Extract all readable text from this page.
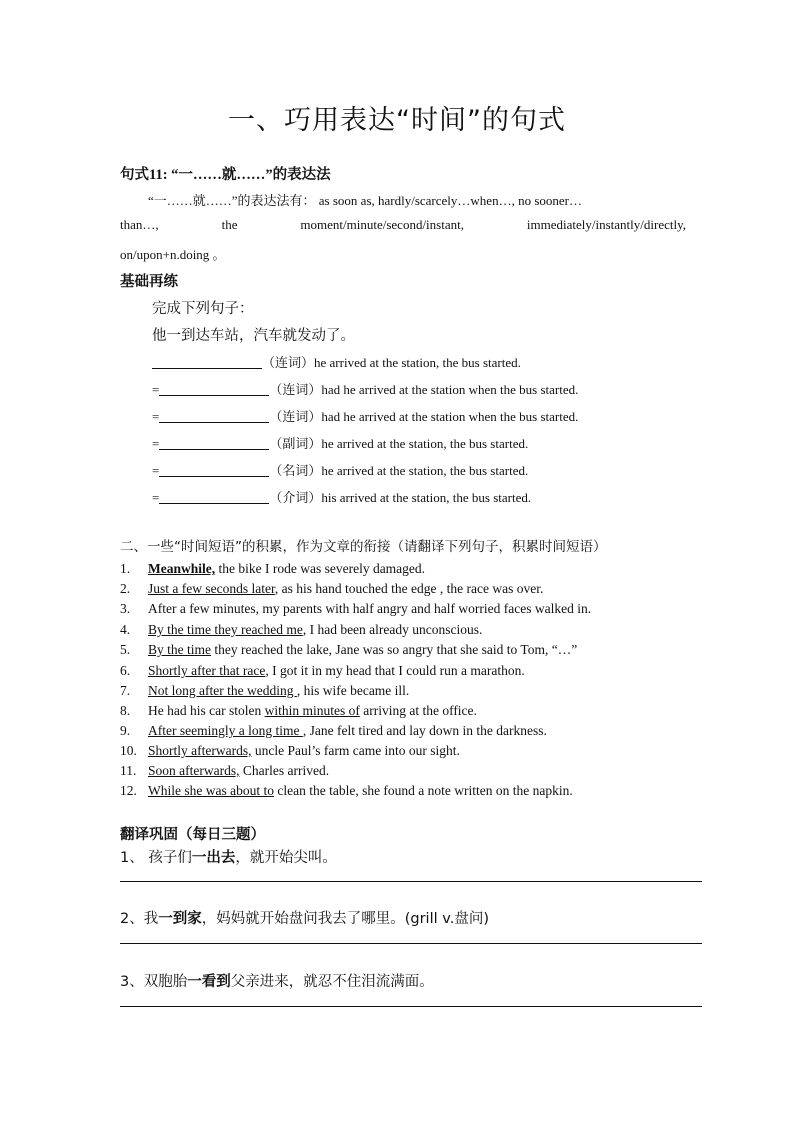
一、巧用表达“时间”的句式
句式11: “一……就……”的表达法
“一……就……”的表达法有： as soon as, hardly/scarcely…when…, no sooner…
than…,	the	moment/minute/second/instant,	immediately/instantly/directly,
on/upon+n.doing 。
基础再练
完成下列句子：
他一到达车站，汽车就发动了。
（连词）he arrived at the station, the bus started.
=	（连词）had he arrived at the station when the bus started.
=	（连词）had he arrived at the station when the bus started.
=	（副词）he arrived at the station, the bus started.
=	（名词）he arrived at the station, the bus started.
=	（介词）his arrived at the station, the bus started.
二、一些“时间短语”的积累，作为文章的衔接（请翻译下列句子，积累时间短语）
1. Meanwhile, the bike I rode was severely damaged.
2. Just a few seconds later, as his hand touched the edge , the race was over.
3. After a few minutes, my parents with half angry and half worried faces walked in.
4. By the time they reached me, I had been already unconscious.
5. By the time they reached the lake, Jane was so angry that she said to Tom, “…”
6. Shortly after that race, I got it in my head that I could run a marathon.
7. Not long after the wedding , his wife became ill.
8. He had his car stolen within minutes of arriving at the office.
9. After seemingly a long time , Jane felt tired and lay down in the darkness.
10. Shortly afterwards, uncle Paul’s farm came into our sight.
11. Soon afterwards, Charles arrived.
12. While she was about to clean the table, she found a note written on the napkin.
翻译巩固（每日三题）
1、 孩子们一出去，就开始尖叫。
2、我一到家，妈妈就开始盘问我去了哪里。(grill v.盘问)
3、双胞胎一看到父亲进来，就忍不住泪流满面。
